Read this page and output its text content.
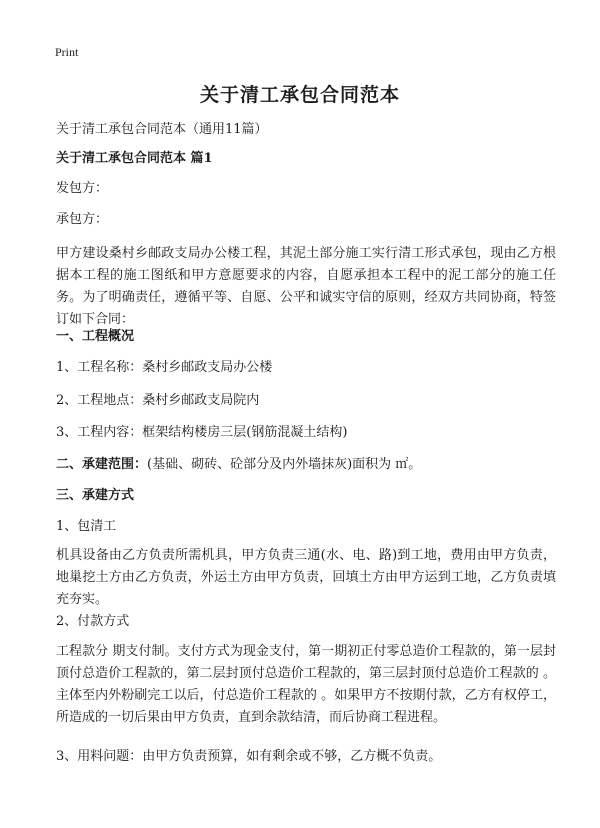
Print
关于清工承包合同范本

关于清工承包合同范本（通用11篇）

关于清工承包合同范本 篇1

发包方：

承包方：

甲方建设桑村乡邮政支局办公楼工程，其泥土部分施工实行清工形式承包，现由乙方根据本工程的施工图纸和甲方意愿要求的内容，自愿承担本工程中的泥工部分的施工任务。为了明确责任，遵循平等、自愿、公平和诚实守信的原则，经双方共同协商，特签订如下合同：

一、工程概况

1、工程名称：桑村乡邮政支局办公楼

2、工程地点：桑村乡邮政支局院内

3、工程内容：框架结构楼房三层(钢筋混凝土结构)

二、承建范围：(基础、砌砖、砼部分及内外墙抹灰)面积为 ㎡。

三、承建方式

1、包清工

机具设备由乙方负责所需机具，甲方负责三通(水、电、路)到工地，费用由甲方负责，地巢挖土方由乙方负责，外运土方由甲方负责，回填土方由甲方运到工地，乙方负责填充夯实。

2、付款方式

工程款分 期支付制。支付方式为现金支付，第一期初正付零总造价工程款的，第一层封顶付总造价工程款的，第二层封顶付总造价工程款的，第三层封顶付总造价工程款的 。主体至内外粉刷完工以后，付总造价工程款的 。如果甲方不按期付款，乙方有权停工，所造成的一切后果由甲方负责，直到余款结清，而后协商工程进程。

3、用料问题：由甲方负责预算，如有剩余或不够，乙方概不负责。
